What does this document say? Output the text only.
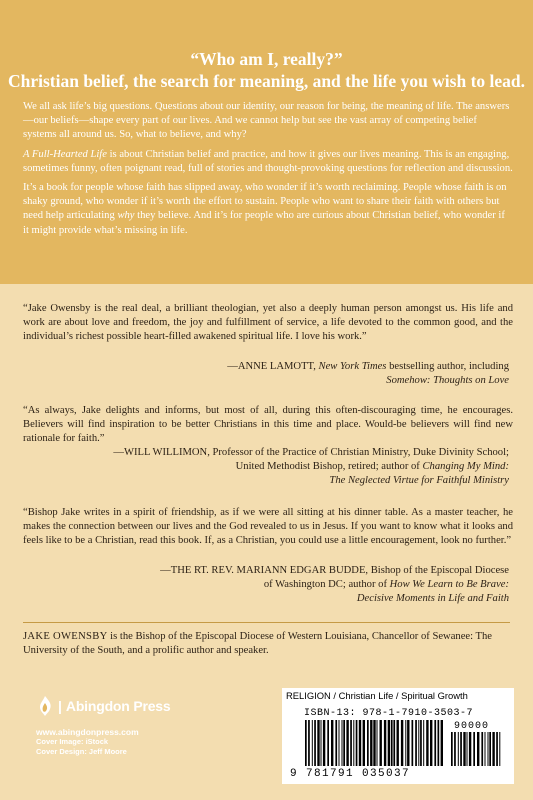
“Who am I, really?”
Christian belief, the search for meaning, and the life you wish to lead.

We all ask life’s big questions. Questions about our identity, our reason for being, the meaning of life. The answers—our beliefs—shape every part of our lives. And we cannot help but see the vast array of competing belief systems all around us. So, what to believe, and why?

A Full-Hearted Life is about Christian belief and practice, and how it gives our lives meaning. This is an engaging, sometimes funny, often poignant read, full of stories and thought-provoking questions for reflection and discussion.

It’s a book for people whose faith has slipped away, who wonder if it’s worth reclaiming. People whose faith is on shaky ground, who wonder if it’s worth the effort to sustain. People who want to share their faith with others but need help articulating why they believe. And it’s for people who are curious about Christian belief, who wonder if it might provide what’s missing in life.

“Jake Owensby is the real deal, a brilliant theologian, yet also a deeply human person amongst us. His life and work are about love and freedom, the joy and fulfillment of service, a life devoted to the common good, and the individual’s richest possible heart-filled awakened spiritual life. I love his work.”
—ANNE LAMOTT, New York Times bestselling author, including
Somehow: Thoughts on Love
“As always, Jake delights and informs, but most of all, during this often-discouraging time, he encourages. Believers will find inspiration to be better Christians in this time and place. Would-be believers will find new rationale for faith.”
—WILL WILLIMON, Professor of the Practice of Christian Ministry, Duke Divinity School;
United Methodist Bishop, retired; author of Changing My Mind:
The Neglected Virtue for Faithful Ministry
“Bishop Jake writes in a spirit of friendship, as if we were all sitting at his dinner table. As a master teacher, he makes the connection between our lives and the God revealed to us in Jesus. If you want to know what it looks and feels like to be a Christian, read this book. If, as a Christian, you could use a little encouragement, look no further.”
—THE RT. REV. MARIANN EDGAR BUDDE, Bishop of the Episcopal Diocese
of Washington DC; author of How We Learn to Be Brave:
Decisive Moments in Life and Faith
JAKE OWENSBY is the Bishop of the Episcopal Diocese of Western Louisiana, Chancellor of Sewanee: The University of the South, and a prolific author and speaker.
| Abingdon Press
www.abingdonpress.com
Cover Image: iStock
Cover Design: Jeff Moore
RELIGION / Christian Life / Spiritual Growth
ISBN-13: 978-1-7910-3503-7
90000
9 781791 035037
